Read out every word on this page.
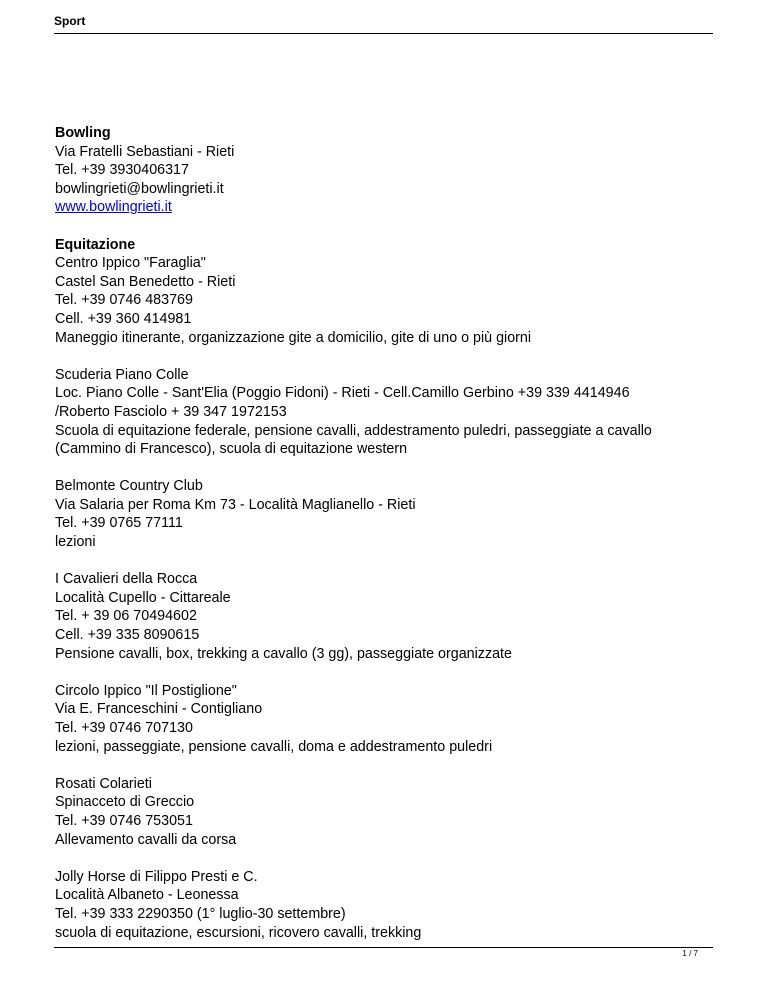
Sport
Bowling
Via Fratelli Sebastiani - Rieti
Tel. +39 3930406317
bowlingrieti@bowlingrieti.it
www.bowlingrieti.it
Equitazione
Centro Ippico "Faraglia"
Castel San Benedetto - Rieti
Tel. +39 0746 483769
Cell. +39 360 414981
Maneggio itinerante, organizzazione gite a domicilio, gite di uno o più giorni
Scuderia Piano Colle
Loc. Piano Colle - Sant'Elia (Poggio Fidoni) - Rieti - Cell.Camillo Gerbino +39 339 4414946
/Roberto Fasciolo + 39 347 1972153
Scuola di equitazione federale, pensione cavalli, addestramento puledri, passeggiate a cavallo
(Cammino di Francesco), scuola di equitazione western
Belmonte Country Club
Via Salaria per Roma Km 73 - Località Maglianello - Rieti
Tel. +39 0765 77111
lezioni
I Cavalieri della Rocca
Località Cupello - Cittareale
Tel. + 39 06 70494602
Cell. +39 335 8090615
Pensione cavalli, box, trekking a cavallo (3 gg), passeggiate organizzate
Circolo Ippico "Il Postiglione"
Via E. Franceschini - Contigliano
Tel. +39 0746 707130
lezioni, passeggiate, pensione cavalli, doma e addestramento puledri
Rosati Colarieti
Spinacceto di Greccio
Tel. +39 0746 753051
Allevamento cavalli da corsa
Jolly Horse di Filippo Presti e C.
Località Albaneto - Leonessa
Tel. +39 333 2290350 (1° luglio-30 settembre)
scuola di equitazione, escursioni, ricovero cavalli, trekking
1 / 7
